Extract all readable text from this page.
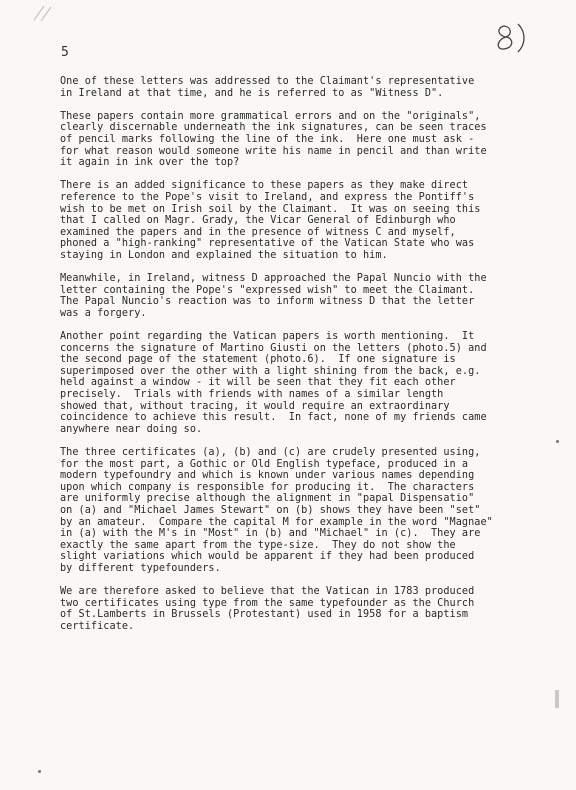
5
One of these letters was addressed to the Claimant's representative
in Ireland at that time, and he is referred to as "Witness D".
These papers contain more grammatical errors and on the "originals",
clearly discernable underneath the ink signatures, can be seen traces
of pencil marks following the line of the ink.  Here one must ask -
for what reason would someone write his name in pencil and than write
it again in ink over the top?
There is an added significance to these papers as they make direct
reference to the Pope's visit to Ireland, and express the Pontiff's
wish to be met on Irish soil by the Claimant.  It was on seeing this
that I called on Magr. Grady, the Vicar General of Edinburgh who
examined the papers and in the presence of witness C and myself,
phoned a "high-ranking" representative of the Vatican State who was
staying in London and explained the situation to him.
Meanwhile, in Ireland, witness D approached the Papal Nuncio with the
letter containing the Pope's "expressed wish" to meet the Claimant.
The Papal Nuncio's reaction was to inform witness D that the letter
was a forgery.
Another point regarding the Vatican papers is worth mentioning.  It
concerns the signature of Martino Giusti on the letters (photo.5) and
the second page of the statement (photo.6).  If one signature is
superimposed over the other with a light shining from the back, e.g.
held against a window - it will be seen that they fit each other
precisely.  Trials with friends with names of a similar length
showed that, without tracing, it would require an extraordinary
coincidence to achieve this result.  In fact, none of my friends came
anywhere near doing so.
The three certificates (a), (b) and (c) are crudely presented using,
for the most part, a Gothic or Old English typeface, produced in a
modern typefoundry and which is known under various names depending
upon which company is responsible for producing it.  The characters
are uniformly precise although the alignment in "papal Dispensatio"
on (a) and "Michael James Stewart" on (b) shows they have been "set"
by an amateur.  Compare the capital M for example in the word "Magnae"
in (a) with the M's in "Most" in (b) and "Michael" in (c).  They are
exactly the same apart from the type-size.  They do not show the
slight variations which would be apparent if they had been produced
by different typefounders.
We are therefore asked to believe that the Vatican in 1783 produced
two certificates using type from the same typefounder as the Church
of St.Lamberts in Brussels (Protestant) used in 1958 for a baptism
certificate.
